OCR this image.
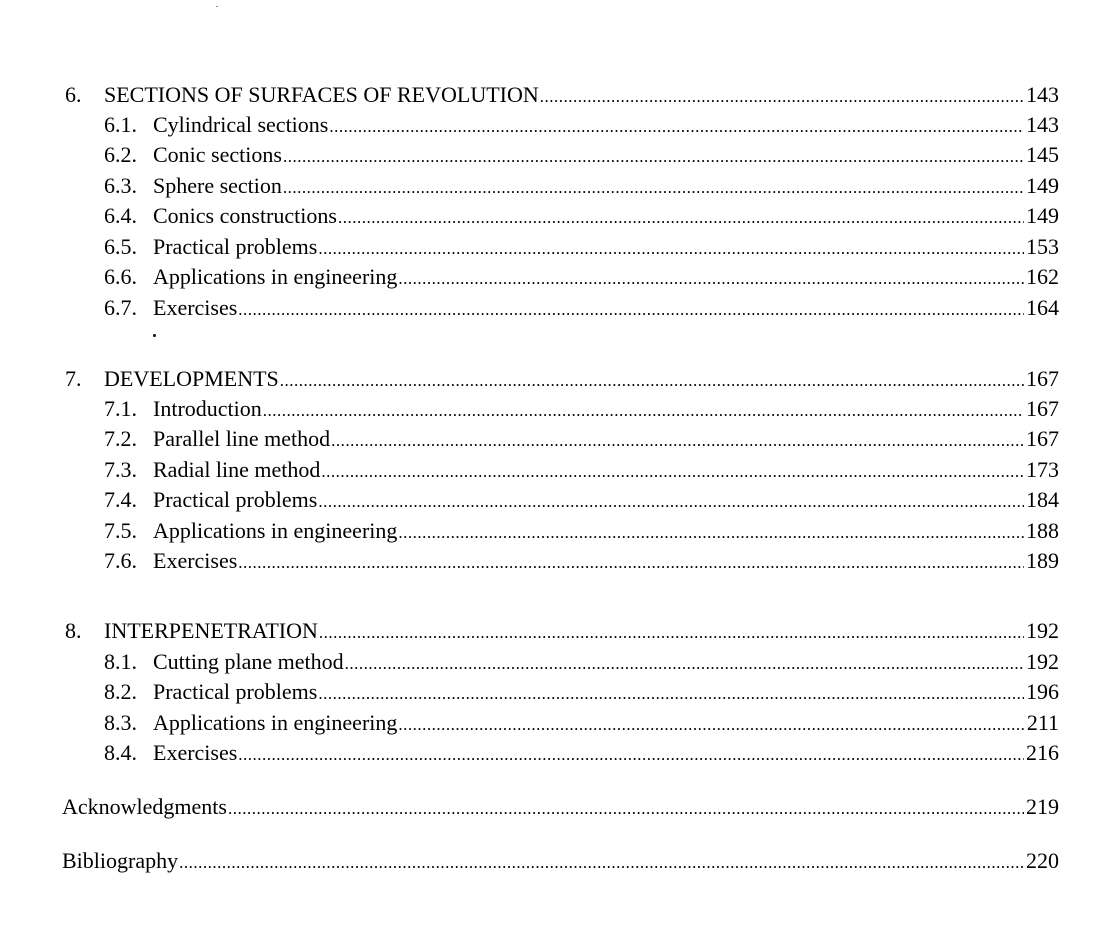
6. SECTIONS OF SURFACES OF REVOLUTION .....	143
6.1. Cylindrical sections .....	143
6.2. Conic sections .....	145
6.3. Sphere section .....	149
6.4. Conics constructions .....	149
6.5. Practical problems .....	153
6.6. Applications in engineering .....	162
6.7. Exercises .....	164
7. DEVELOPMENTS .....	167
7.1. Introduction .....	167
7.2. Parallel line method .....	167
7.3. Radial line method .....	173
7.4. Practical problems .....	184
7.5. Applications in engineering .....	188
7.6. Exercises .....	189
8. INTERPENETRATION .....	192
8.1. Cutting plane method .....	192
8.2. Practical problems .....	196
8.3. Applications in engineering .....	211
8.4. Exercises .....	216
Acknowledgments .....	219
Bibliography .....	220
